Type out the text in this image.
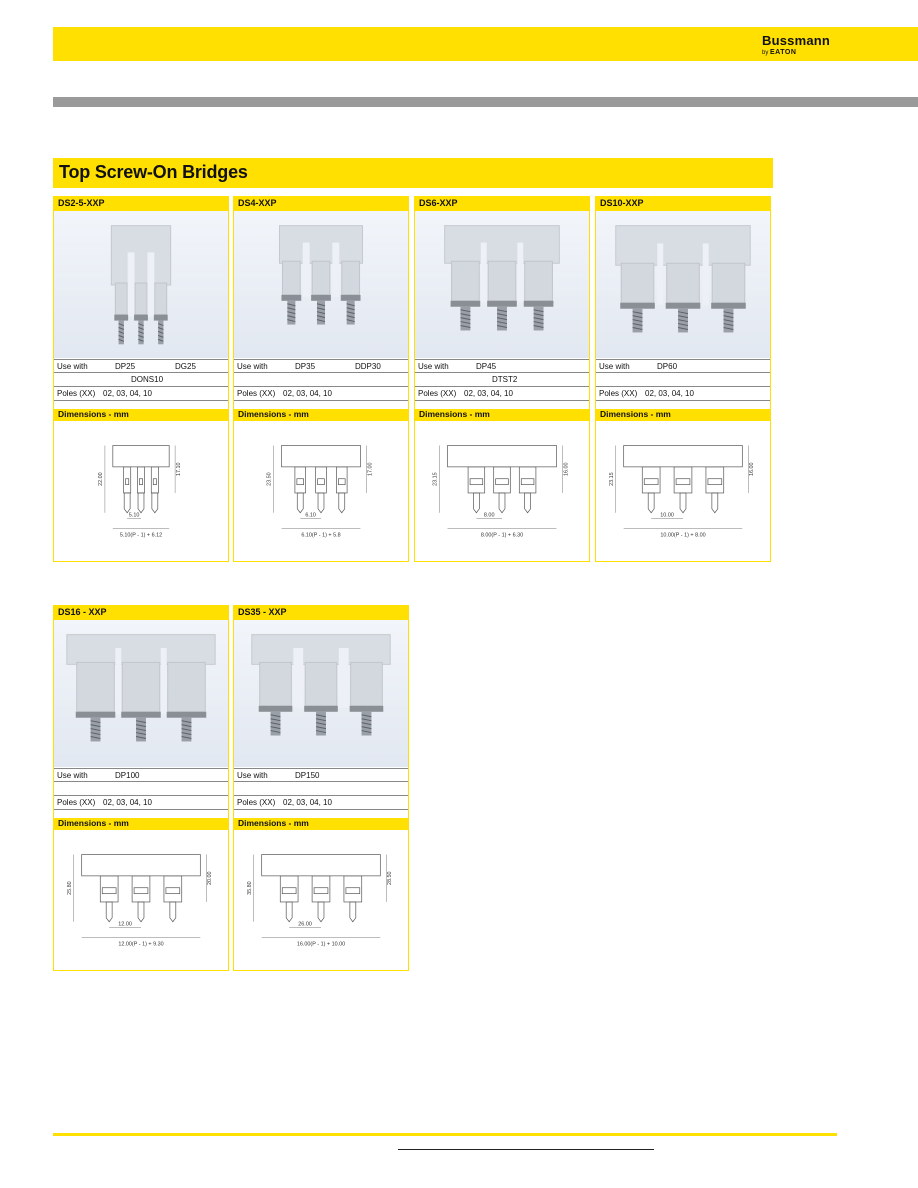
Bussmann
by EATON
Top Screw-On Bridges
DS2-5-XXP
Use with	DP25	DG25
DONS10
Poles (XX) 02, 03, 04, 10
Dimensions - mm
22.00
17.10
5.10
5.10(P - 1) + 6.12
DS4-XXP
Use with	DP35	DDP30
Poles (XX) 02, 03, 04, 10
Dimensions - mm
23.50
17.00
6.10
6.10(P - 1) + 5.8
DS6-XXP
Use with	DP45
DTST2
Poles (XX) 02, 03, 04, 10
Dimensions - mm
23.15
16.00
8.00
8.00(P - 1) + 6.30
DS10-XXP
Use with	DP60
Poles (XX) 02, 03, 04, 10
Dimensions - mm
23.15
16.00
10.00
10.00(P - 1) + 8.00
DS16 - XXP
Use with	DP100
Poles (XX) 02, 03, 04, 10
Dimensions - mm
25.80
20.00
12.00
12.00(P - 1) + 9.30
DS35 - XXP
Use with	DP150
Poles (XX) 02, 03, 04, 10
Dimensions - mm
35.80
28.50
26.00
16.00(P - 1) + 10.00
